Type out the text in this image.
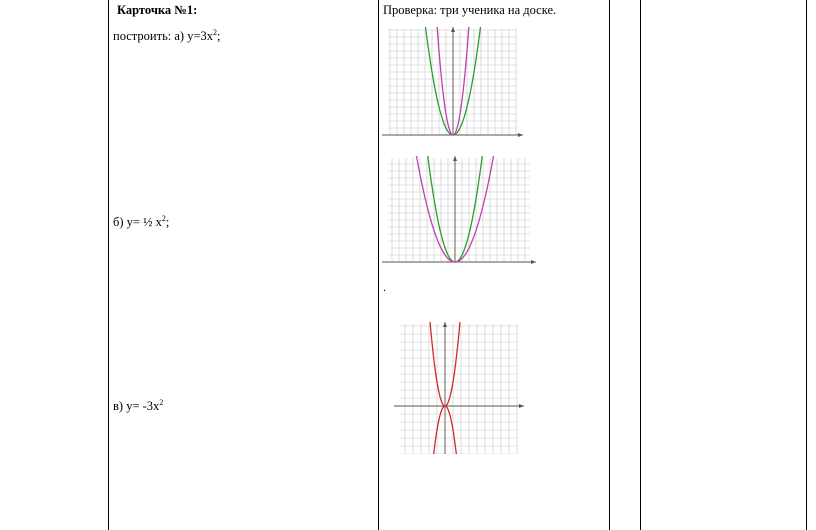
Карточка №1:
построить: а) $у=3х^2$;
б) у= ½ $х^2$;
в) $у= -3х^2$
Проверка: три ученика на доске.
.
